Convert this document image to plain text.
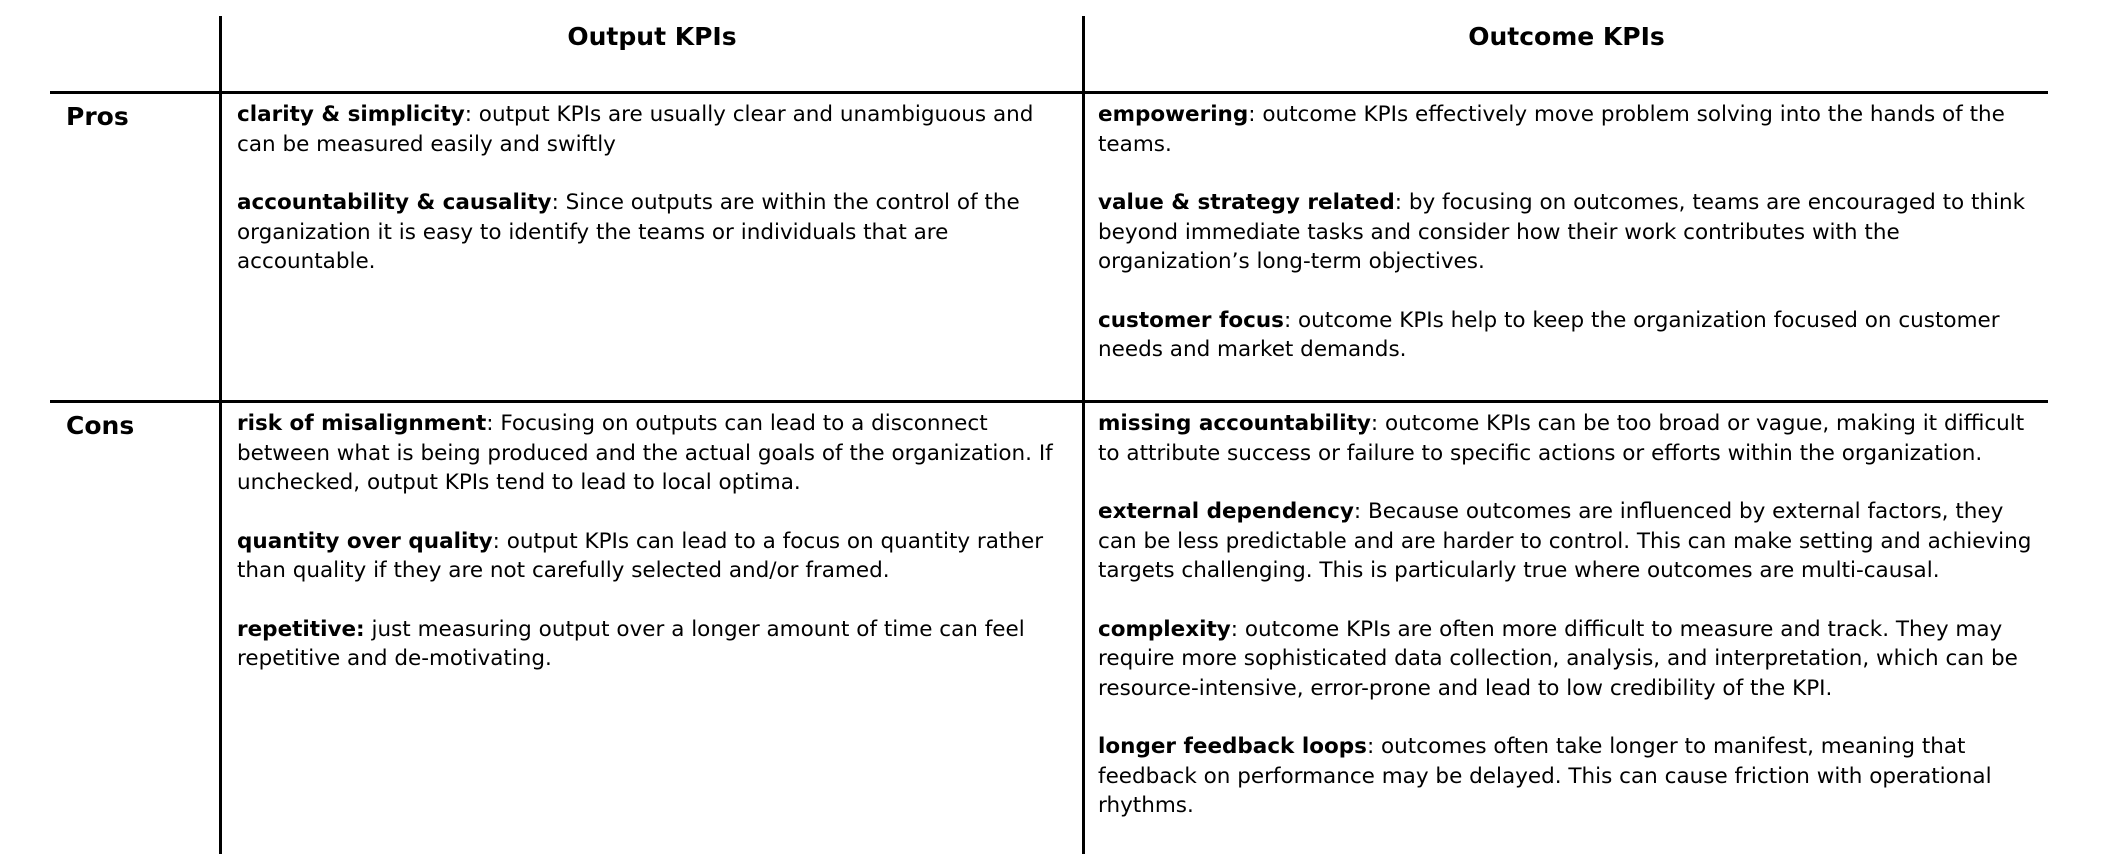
Output KPIs	Outcome KPIs
Pros
Cons

clarity & simplicity: output KPIs are usually clear and unambiguous and can be measured easily and swiftly

accountability & causality: Since outputs are within the control of the organization it is easy to identify the teams or individuals that are accountable.

empowering: outcome KPIs effectively move problem solving into the hands of the teams.

value & strategy related: by focusing on outcomes, teams are encouraged to think beyond immediate tasks and consider how their work contributes with the organization’s long-term objectives.

customer focus: outcome KPIs help to keep the organization focused on customer needs and market demands.

risk of misalignment: Focusing on outputs can lead to a disconnect between what is being produced and the actual goals of the organization. If unchecked, output KPIs tend to lead to local optima.

quantity over quality: output KPIs can lead to a focus on quantity rather than quality if they are not carefully selected and/or framed.

repetitive: just measuring output over a longer amount of time can feel repetitive and de-motivating.

missing accountability: outcome KPIs can be too broad or vague, making it difficult to attribute success or failure to specific actions or efforts within the organization.

external dependency: Because outcomes are influenced by external factors, they can be less predictable and are harder to control. This can make setting and achieving targets challenging. This is particularly true where outcomes are multi-causal.

complexity: outcome KPIs are often more difficult to measure and track. They may require more sophisticated data collection, analysis, and interpretation, which can be resource-intensive, error-prone and lead to low credibility of the KPI.

longer feedback loops: outcomes often take longer to manifest, meaning that feedback on performance may be delayed. This can cause friction with operational rhythms.
